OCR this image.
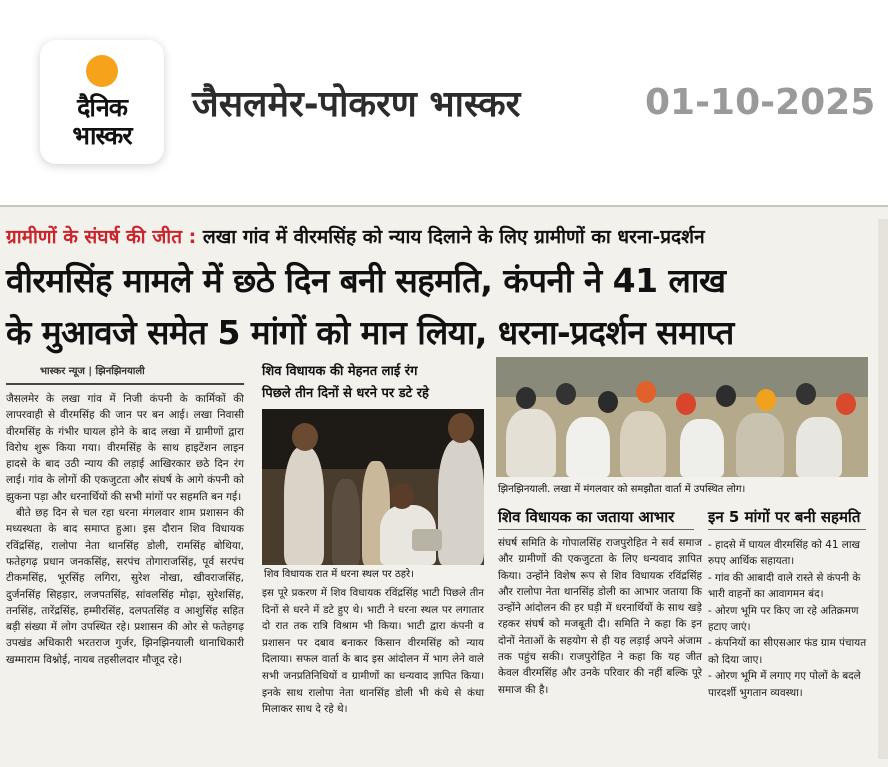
दैनिक
भास्कर
जैसलमेर-पोकरण भास्कर	01-10-2025
ग्रामीणों के संघर्ष की जीत : लखा गांव में वीरमसिंह को न्याय दिलाने के लिए ग्रामीणों का धरना-प्रदर्शन
वीरमसिंह मामले में छठे दिन बनी सहमति, कंपनी ने 41 लाख
के मुआवजे समेत 5 मांगों को मान लिया, धरना-प्रदर्शन समाप्त
भास्कर न्यूज | झिनझिनयाली

जैसलमेर के लखा गांव में निजी कंपनी के कार्मिकों की लापरवाही से वीरमसिंह की जान पर बन आई। लखा निवासी वीरमसिंह के गंभीर घायल होने के बाद लखा में ग्रामीणों द्वारा विरोध शुरू किया गया। वीरमसिंह के साथ हाइटेंशन लाइन हादसे के बाद उठी न्याय की लड़ाई आखिरकार छठे दिन रंग लाई। गांव के लोगों की एकजुटता और संघर्ष के आगे कंपनी को झुकना पड़ा और धरनार्थियों की सभी मांगों पर सहमति बन गई।

बीते छह दिन से चल रहा धरना मंगलवार शाम प्रशासन की मध्यस्थता के बाद समाप्त हुआ। इस दौरान शिव विधायक रविंद्रसिंह, रालोपा नेता थानसिंह डोली, रामसिंह बोथिया, फतेहगढ़ प्रधान जनकसिंह, सरपंच तोगाराजसिंह, पूर्व सरपंच टीकमसिंह, भूरसिंह लगिरा, सुरेश नोखा, खीवराजसिंह, दुर्जनसिंह सिहड़ार, लजपतसिंह, सांवलसिंह मोढ़ा, सुरेशसिंह, तनसिंह, तारेंद्रसिंह, हम्मीरसिंह, दलपतसिंह व आशुसिंह सहित बड़ी संख्या में लोग उपस्थित रहे। प्रशासन की ओर से फतेहगढ़ उपखंड अधिकारी भरतराज गुर्जर, झिनझिनयाली थानाधिकारी खम्माराम विश्नोई, नायब तहसीलदार मौजूद रहे।

शिव विधायक की मेहनत लाई रंग
पिछले तीन दिनों से धरने पर डटे रहे
शिव विधायक रात में धरना स्थल पर ठहरे।
इस पूरे प्रकरण में शिव विधायक रविंद्रसिंह भाटी पिछले तीन दिनों से धरने में डटे हुए थे। भाटी ने धरना स्थल पर लगातार दो रात तक रात्रि विश्राम भी किया। भाटी द्वारा कंपनी व प्रशासन पर दबाव बनाकर किसान वीरमसिंह को न्याय दिलाया। सफल वार्ता के बाद इस आंदोलन में भाग लेने वाले सभी जनप्रतिनिधियों व ग्रामीणों का धन्यवाद ज्ञापित किया। इनके साथ रालोपा नेता थानसिंह डोली भी कंधे से कंधा मिलाकर साथ दे रहे थे।
झिनझिनयाली. लखा में मंगलवार को समझौता वार्ता में उपस्थित लोग।
शिव विधायक का जताया आभार
संघर्ष समिति के गोपालसिंह राजपुरोहित ने सर्व समाज और ग्रामीणों की एकजुटता के लिए धन्यवाद ज्ञापित किया। उन्होंने विशेष रूप से शिव विधायक रविंद्रसिंह और रालोपा नेता थानसिंह डोली का आभार जताया कि उन्होंने आंदोलन की हर घड़ी में धरनार्थियों के साथ खड़े रहकर संघर्ष को मजबूती दी। समिति ने कहा कि इन दोनों नेताओं के सहयोग से ही यह लड़ाई अपने अंजाम तक पहुंच सकी। राजपुरोहित ने कहा कि यह जीत केवल वीरमसिंह और उनके परिवार की नहीं बल्कि पूरे समाज की है।
इन 5 मांगों पर बनी सहमति
- हादसे में घायल वीरमसिंह को 41 लाख रुपए आर्थिक सहायता।
- गांव की आबादी वाले रास्ते से कंपनी के भारी वाहनों का आवागमन बंद।
- ओरण भूमि पर किए जा रहे अतिक्रमण हटाए जाएं।
- कंपनियों का सीएसआर फंड ग्राम पंचायत को दिया जाए।
- ओरण भूमि में लगाए गए पोलों के बदले पारदर्शी भुगतान व्यवस्था।
